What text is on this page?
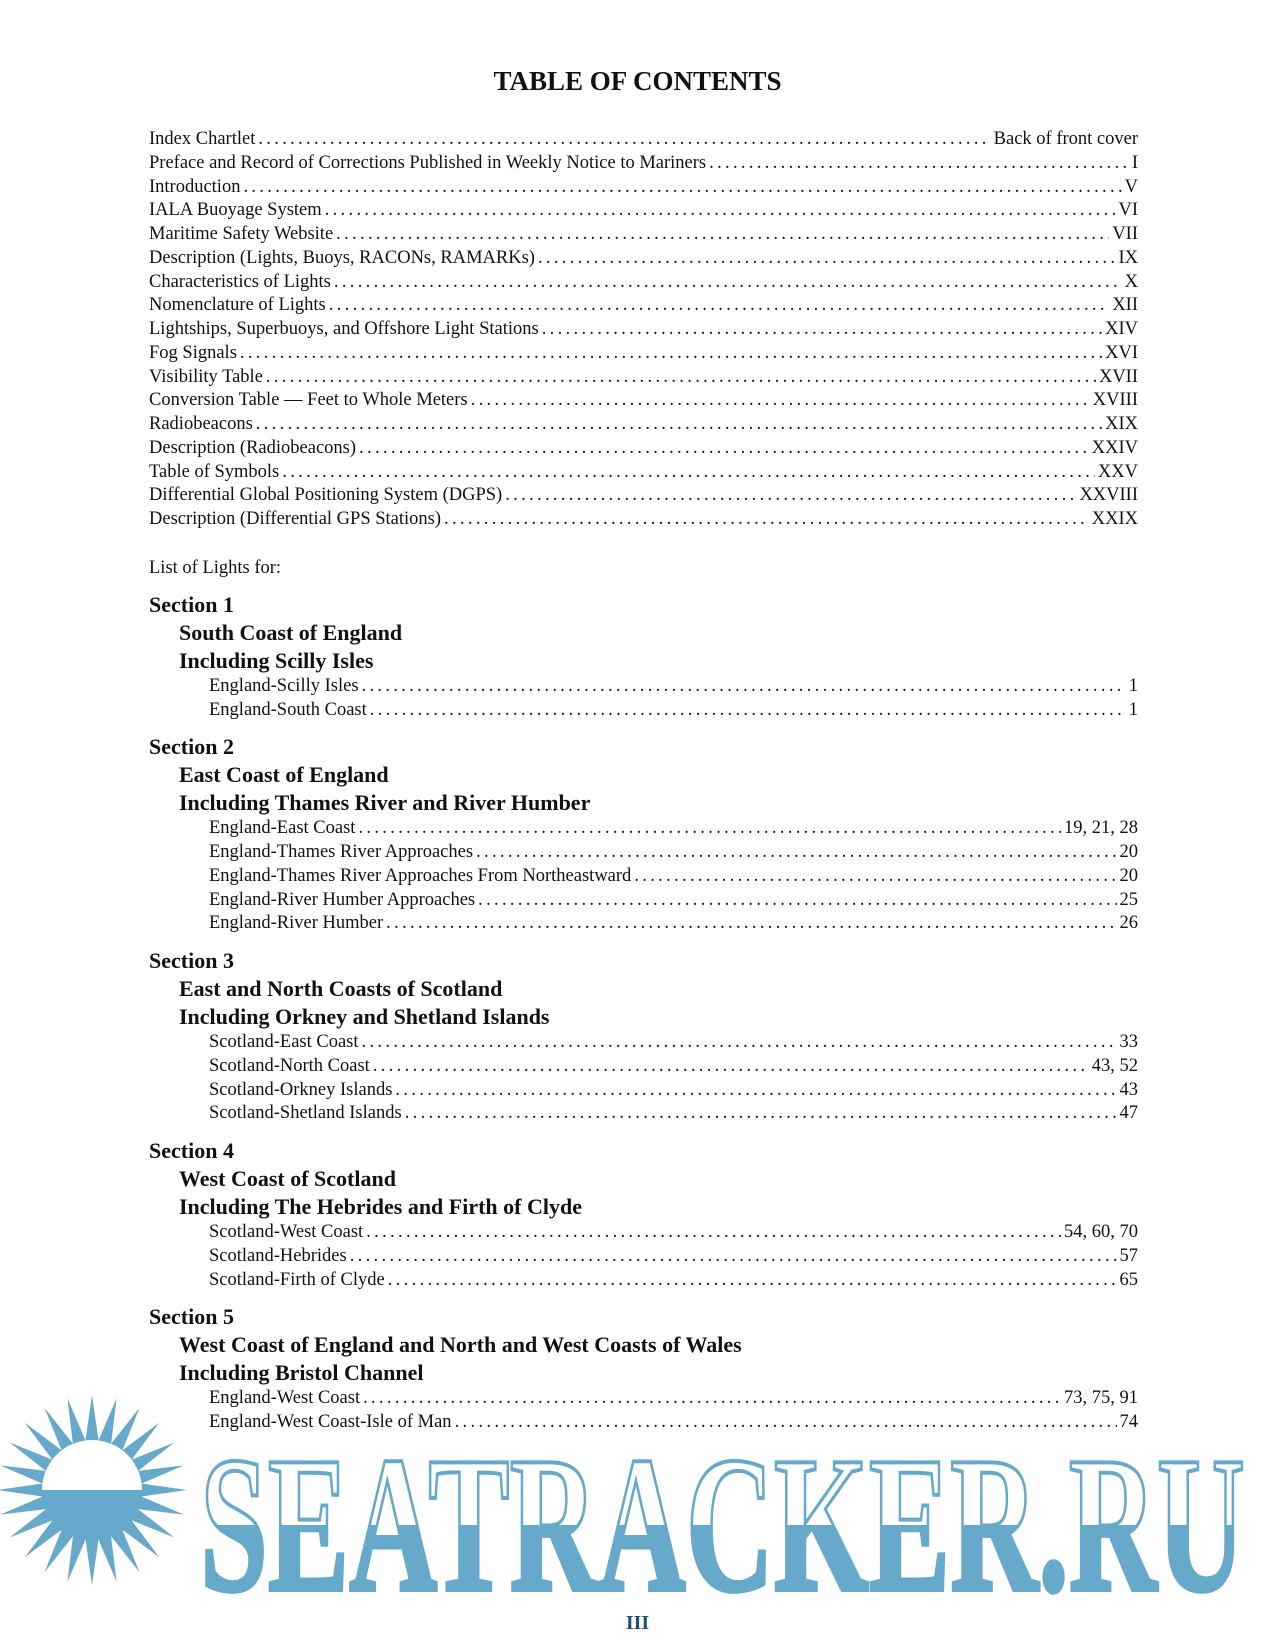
TABLE OF CONTENTS
Index Chartlet . . .	Back of front cover
Preface and Record of Corrections Published in Weekly Notice to Mariners . . .	I
Introduction . . .	V
IALA Buoyage System . . .	VI
Maritime Safety Website . . .	VII
Description (Lights, Buoys, RACONs, RAMARKs) . . .	IX
Characteristics of Lights . . .	X
Nomenclature of Lights . . .	XII
Lightships, Superbuoys, and Offshore Light Stations . . .	XIV
Fog Signals . . .	XVI
Visibility Table . . .	XVII
Conversion Table — Feet to Whole Meters . . .	XVIII
Radiobeacons . . .	XIX
Description (Radiobeacons) . . .	XXIV
Table of Symbols . . .	XXV
Differential Global Positioning System (DGPS) . . .	XXVIII
Description (Differential GPS Stations) . . .	XXIX
List of Lights for:
Section 1
South Coast of England
Including Scilly Isles
England-Scilly Isles . . .	1
England-South Coast . . .	1
Section 2
East Coast of England
Including Thames River and River Humber
England-East Coast . . .	19, 21, 28
England-Thames River Approaches . . .	20
England-Thames River Approaches From Northeastward . . .	20
England-River Humber Approaches . . .	25
England-River Humber . . .	26
Section 3
East and North Coasts of Scotland
Including Orkney and Shetland Islands
Scotland-East Coast . . .	33
Scotland-North Coast . . .	43, 52
Scotland-Orkney Islands . . .	43
Scotland-Shetland Islands . . .	47
Section 4
West Coast of Scotland
Including The Hebrides and Firth of Clyde
Scotland-West Coast . . .	54, 60, 70
Scotland-Hebrides . . .	57
Scotland-Firth of Clyde . . .	65
Section 5
West Coast of England and North and West Coasts of Wales
Including Bristol Channel
England-West Coast . . .	73, 75, 91
England-West Coast-Isle of Man . . .	74
SEATRACKER.RU
III
